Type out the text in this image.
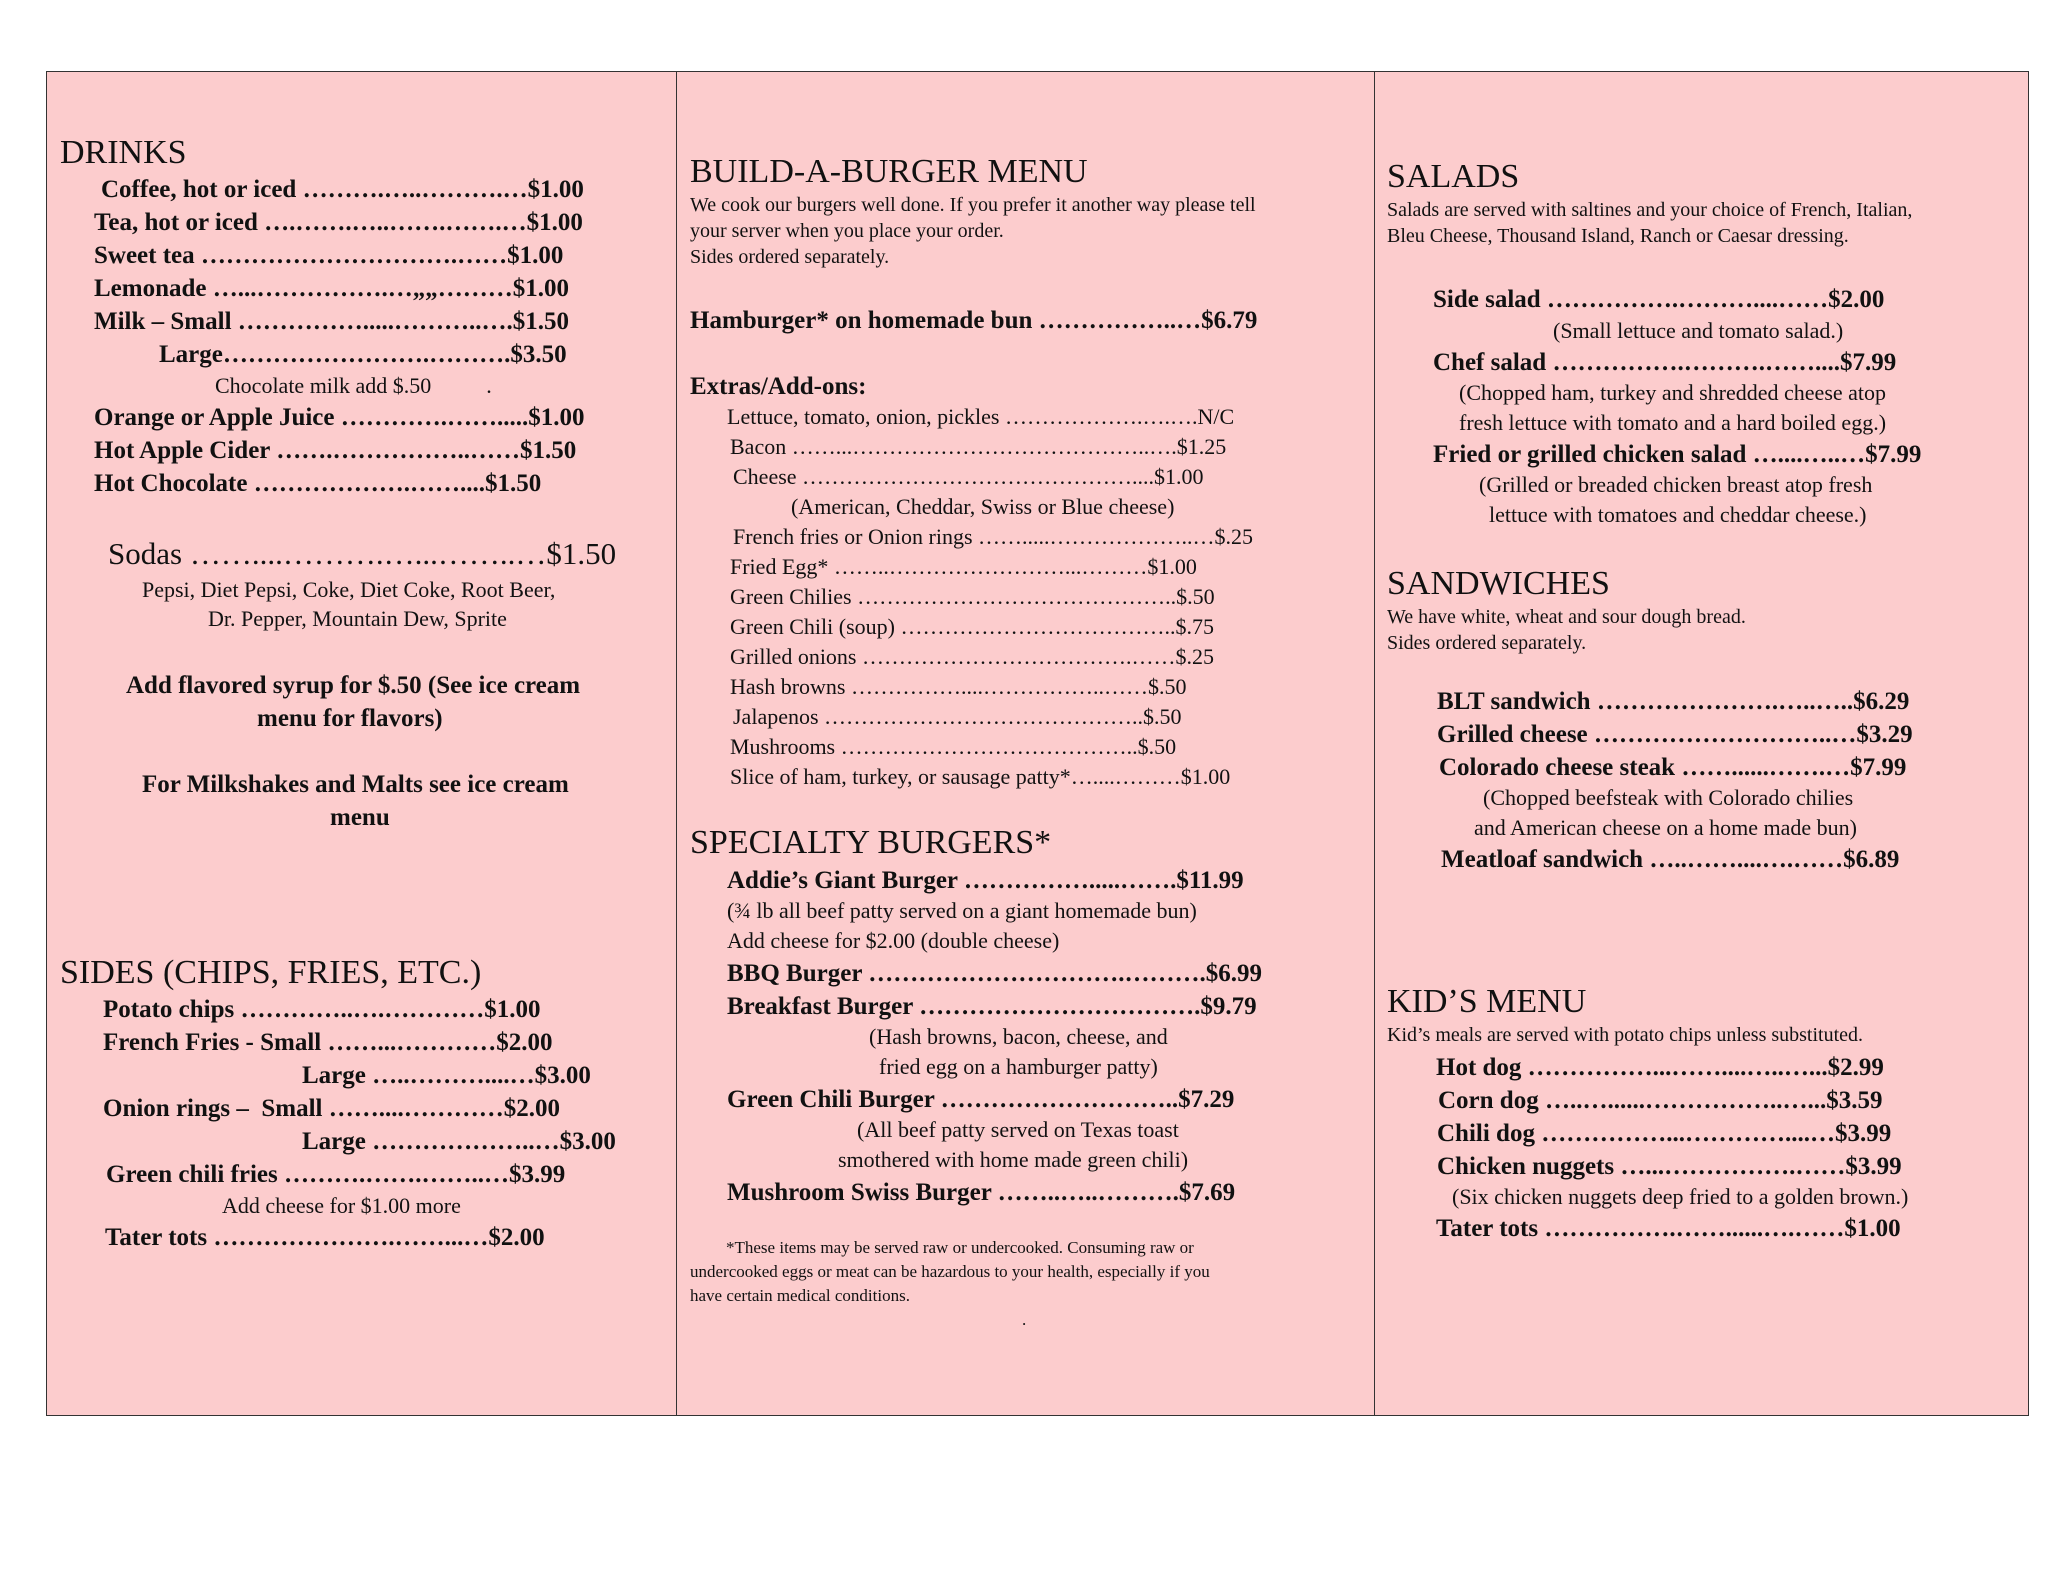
DRINKS
Coffee, hot or iced ……….…..……….…$1.00
Tea, hot or iced ….…….…..…….…….…$1.00
Sweet tea ………………………….……$1.00
Lemonade …...…………….…„„………$1.00
Milk – Small …………….....………..….$1.50
Large…………………….……….$3.50
Chocolate milk add $.50          .
Orange or Apple Juice ………….…….....$1.00
Hot Apple Cider …….……………..……$1.50
Hot Chocolate ……………….……....$1.50
Sodas ……....……….…...……..…$1.50
Pepsi, Diet Pepsi, Coke, Diet Coke, Root Beer,
Dr. Pepper, Mountain Dew, Sprite
Add flavored syrup for $.50 (See ice cream
menu for flavors)
For Milkshakes and Malts see ice cream
menu
SIDES (CHIPS, FRIES, ETC.)
Potato chips …………..….…………$1.00
French Fries - Small ……...…………$2.00
Large …..………....…$3.00
Onion rings –  Small ……....…………$2.00
Large ………………..…$3.00
Green chili fries ……….…….……..…$3.99
Add cheese for $1.00 more
Tater tots ………………….……...…$2.00
BUILD-A-BURGER MENU
We cook our burgers well done. If you prefer it another way please tell
your server when you place your order.
Sides ordered separately.
Hamburger* on homemade bun ……………..…$6.79
Extras/Add-ons:
Lettuce, tomato, onion, pickles ……………….….….N/C
Bacon ……...…………………………………..….$1.25
Cheese ………………………………………....$1.00
(American, Cheddar, Swiss or Blue cheese)
French fries or Onion rings …….....………………..…$.25
Fried Egg* ……..……………………...………$1.00
Green Chilies ……………………………………..$.50
Green Chili (soup) ………………………………..$.75
Grilled onions ……………………………….……$.25
Hash browns ……………....……………..……$.50
Jalapenos ……………………………………..$.50
Mushrooms …………………………………..$.50
Slice of ham, turkey, or sausage patty*…....………$1.00
SPECIALTY BURGERS*
Addie’s Giant Burger …………….....…….$11.99
(¾ lb all beef patty served on a giant homemade bun)
Add cheese for $2.00 (double cheese)
BBQ Burger ………………………….……….$6.99
Breakfast Burger …………………………….$9.79
(Hash browns, bacon, cheese, and
fried egg on a hamburger patty)
Green Chili Burger ………………………..$7.29
(All beef patty served on Texas toast
smothered with home made green chili)
Mushroom Swiss Burger ……..…..……….$7.69
*These items may be served raw or undercooked. Consuming raw or
undercooked eggs or meat can be hazardous to your health, especially if you
have certain medical conditions.
.
SALADS
Salads are served with saltines and your choice of French, Italian,
Bleu Cheese, Thousand Island, Ranch or Caesar dressing.
Side salad …………….………....……$2.00
(Small lettuce and tomato salad.)
Chef salad …………….……….……....$7.99
(Chopped ham, turkey and shredded cheese atop
fresh lettuce with tomato and a hard boiled egg.)
Fried or grilled chicken salad …....…..…$7.99
(Grilled or breaded chicken breast atop fresh
lettuce with tomatoes and cheddar cheese.)
SANDWICHES
We have white, wheat and sour dough bread.
Sides ordered separately.
BLT sandwich ………………….…..…..$6.29
Grilled cheese ………………………..…$3.29
Colorado cheese steak ……......…….…$7.99
(Chopped beefsteak with Colorado chilies
and American cheese on a home made bun)
Meatloaf sandwich …..……....….……$6.89
KID’S MENU
Kid’s meals are served with potato chips unless substituted.
Hot dog ……………...……....…..…...$2.99
Corn dog …..…......……………..…...$3.59
Chili dog ……………...…………....…$3.99
Chicken nuggets …...…………….……$3.99
(Six chicken nuggets deep fried to a golden brown.)
Tater tots …………….……......….……$1.00
